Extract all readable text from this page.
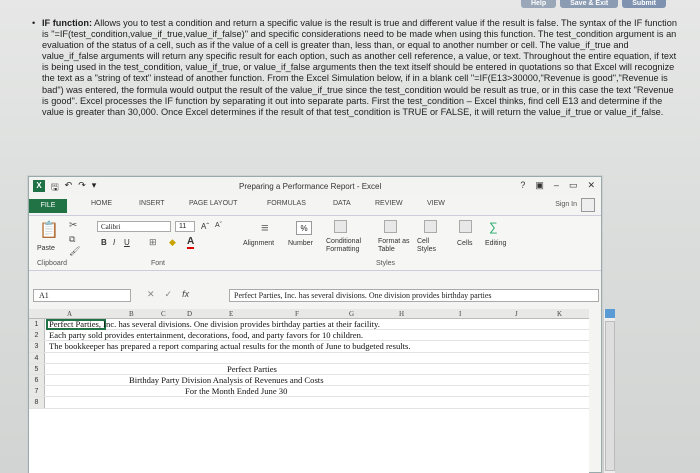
Help	Save & Exit	Submit
• IF function: Allows you to test a condition and return a specific value is the result is true and different value if the result is false. The syntax of the IF function is "=IF(test_condition,value_if_true,value_if_false)" and specific considerations need to be made when using this function. The test_condition argument is an evaluation of the status of a cell, such as if the value of a cell is greater than, less than, or equal to another number or cell. The value_if_true and value_if_false arguments will return any specific result for each option, such as another cell reference, a value, or text. Throughout the entire equation, if text is being used in the test_condition, value_if_true, or value_if_false arguments then the text itself should be entered in quotations so that Excel will recognize the text as a "string of text" instead of another function. From the Excel Simulation below, if in a blank cell "=IF(E13>30000,"Revenue is good","Revenue is bad") was entered, the formula would output the result of the value_if_true since the test_condition would be result as true, or in this case the text "Revenue is good". Excel processes the IF function by separating it out into separate parts. First the test_condition – Excel thinks, find cell E13 and determine if the value is greater than 30,000. Once Excel determines if the result of that test_condition is TRUE or FALSE, it will return the value_if_true or value_if_false.
X	🖫 ↶ ↷ ▾	Preparing a Performance Report - Excel	? ▣ – ▭ ✕
FILE	HOME	INSERT	PAGE LAYOUT	FORMULAS	DATA	REVIEW	VIEW	Sign In
📋
Paste
✂
⧉
🖌
Calibri	11	Aˆ Aˇ
B I U ⊞ ◆ A
≡
Alignment
%
Number Conditional Formatting
Format as Table
Cell Styles
Cells
∑
Editing
Clipboard	Font	Styles
A1	✕ ✓ fx	Perfect Parties, Inc. has several divisions. One division provides birthday parties
A	B	C	D	E	F	G	H	I	J	K
1	Perfect Parties, Inc. has several divisions. One division provides birthday parties at their facility.
2	Each party sold provides entertainment, decorations, food, and party favors for 10 children.
3	The bookkeeper has prepared a report comparing actual results for the month of June to budgeted results.
4
5	Perfect Parties
6	Birthday Party Division Analysis of Revenues and Costs
7	For the Month Ended June 30
8
